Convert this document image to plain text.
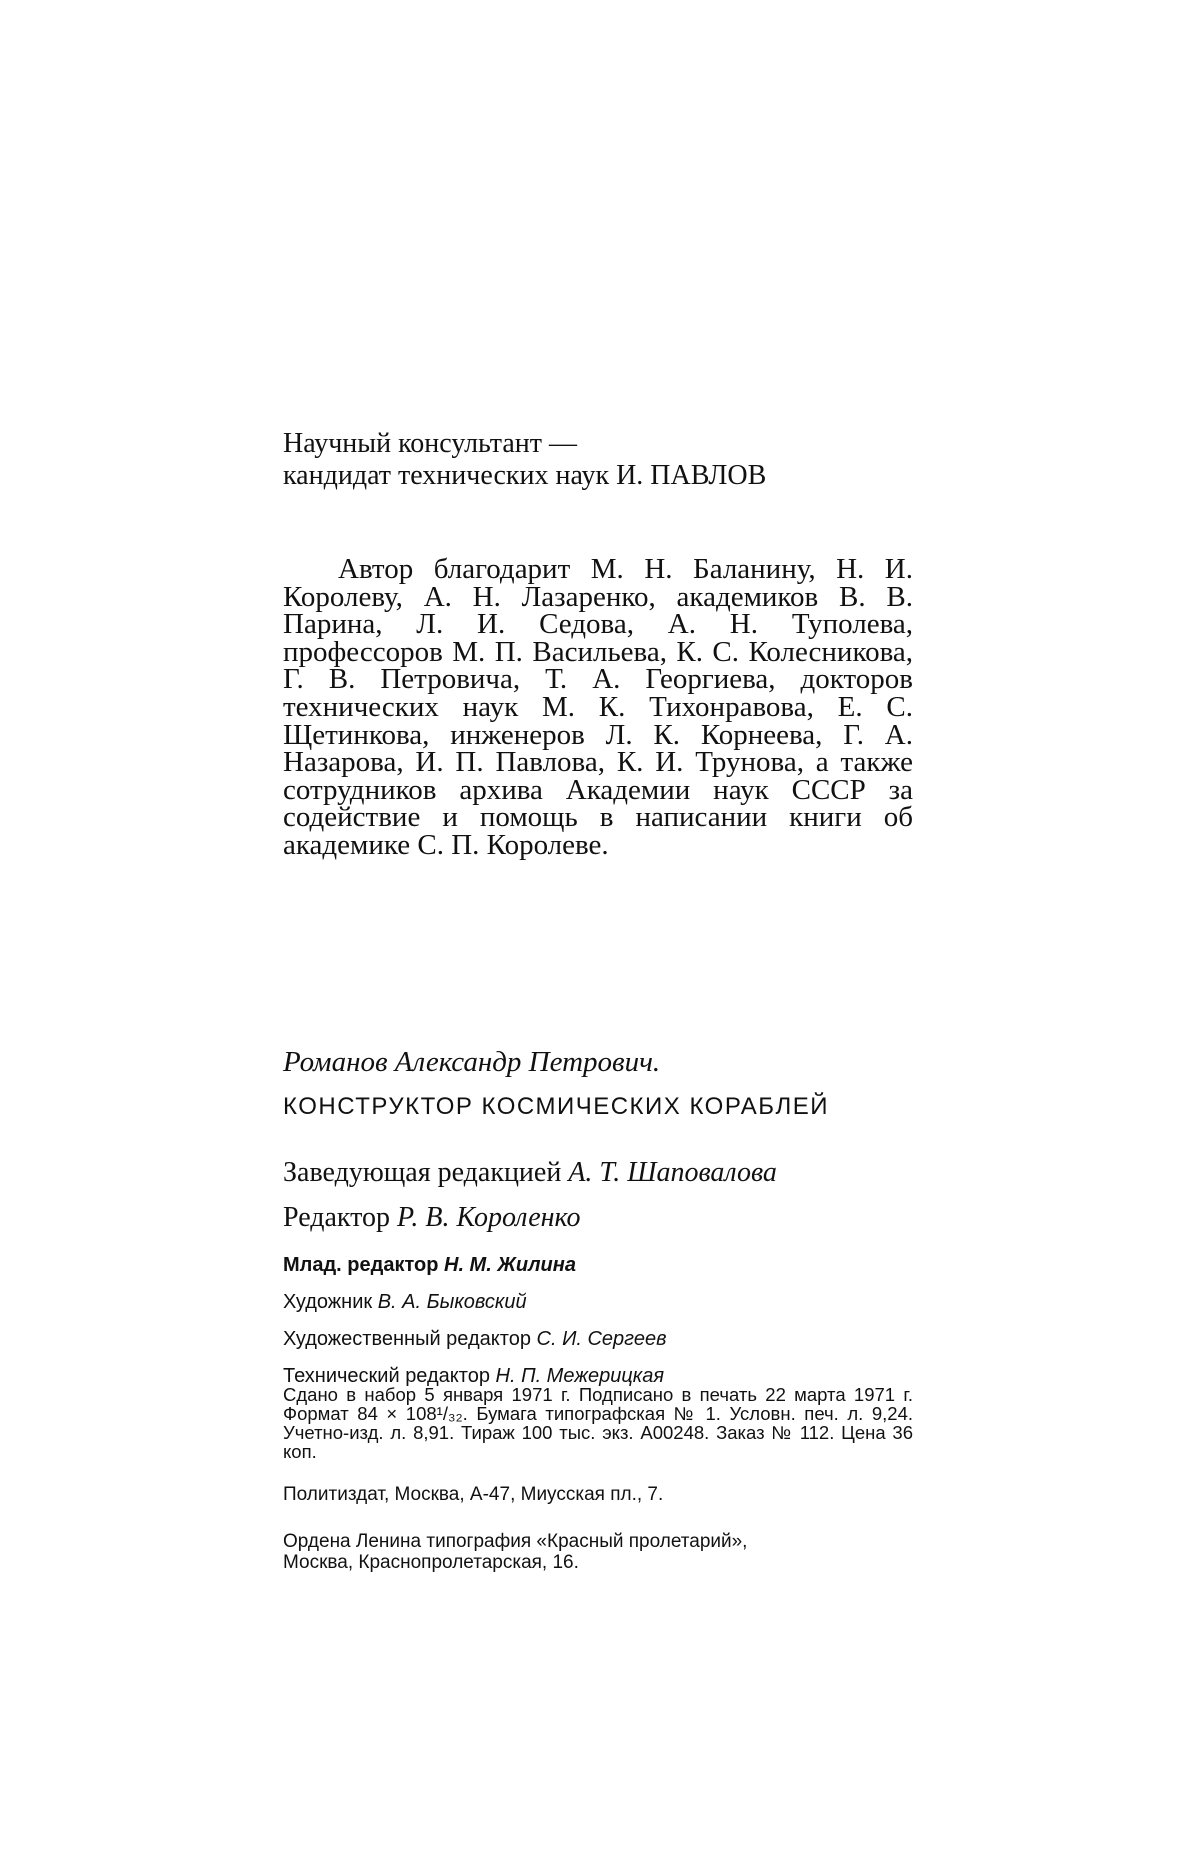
Научный консультант —
кандидат технических наук И. ПАВЛОВ
Автор благодарит М. Н. Баланину, Н. И. Королеву, А. Н. Лазаренко, академиков В. В. Парина, Л. И. Седова, А. Н. Туполева, профессоров М. П. Васильева, К. С. Колесникова, Г. В. Петровича, Т. А. Георгиева, докторов технических наук М. К. Тихонравова, Е. С. Щетинкова, инженеров Л. К. Корнеева, Г. А. Назарова, И. П. Павлова, К. И. Трунова, а также сотрудников архива Академии наук СССР за содействие и помощь в написании книги об академике С. П. Королеве.
Романов Александр Петрович.
КОНСТРУКТОР КОСМИЧЕСКИХ КОРАБЛЕЙ
Заведующая редакцией А. Т. Шаповалова
Редактор Р. В. Короленко
Млад. редактор Н. М. Жилина
Художник В. А. Быковский
Художественный редактор С. И. Сергеев
Технический редактор Н. П. Межерицкая
Сдано в набор 5 января 1971 г. Подписано в печать 22 марта 1971 г. Формат 84 × 108¹/₃₂. Бумага типографская № 1. Условн. печ. л. 9,24. Учетно-изд. л. 8,91. Тираж 100 тыс. экз. А00248. Заказ № 112. Цена 36 коп.
Политиздат, Москва, А-47, Миусская пл., 7.
Ордена Ленина типография «Красный пролетарий»,
Москва, Краснопролетарская, 16.
